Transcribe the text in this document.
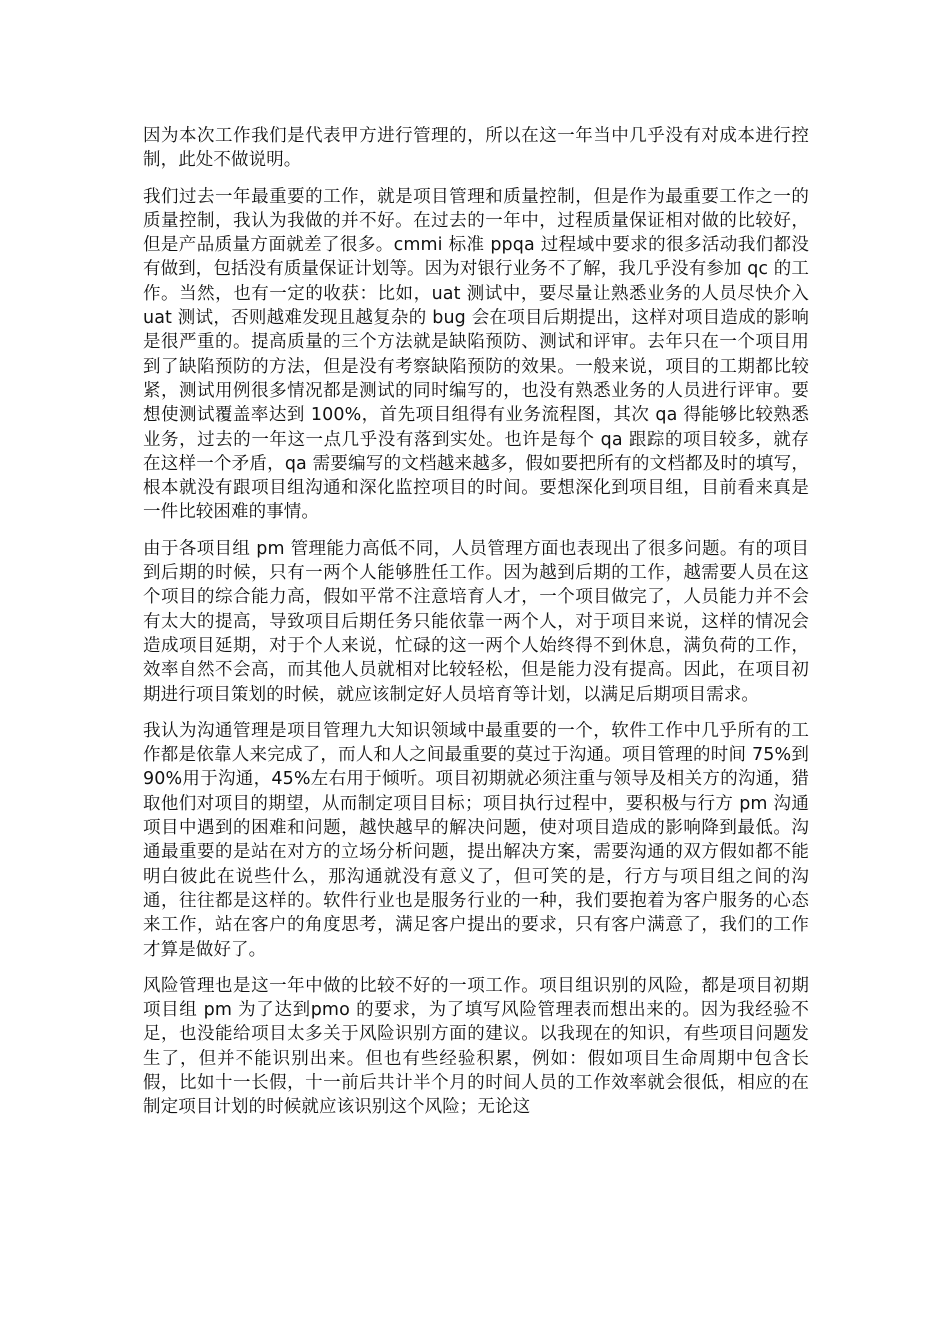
因为本次工作我们是代表甲方进行管理的，所以在这一年当中几乎没有对成本进行控制，此处不做说明。

我们过去一年最重要的工作，就是项目管理和质量控制，但是作为最重要工作之一的质量控制，我认为我做的并不好。在过去的一年中，过程质量保证相对做的比较好，但是产品质量方面就差了很多。cmmi 标准 ppqa 过程域中要求的很多活动我们都没有做到，包括没有质量保证计划等。因为对银行业务不了解，我几乎没有参加 qc 的工作。当然，也有一定的收获：比如，uat 测试中，要尽量让熟悉业务的人员尽快介入 uat 测试，否则越难发现且越复杂的 bug 会在项目后期提出，这样对项目造成的影响是很严重的。提高质量的三个方法就是缺陷预防、测试和评审。去年只在一个项目用到了缺陷预防的方法，但是没有考察缺陷预防的效果。一般来说，项目的工期都比较紧，测试用例很多情况都是测试的同时编写的，也没有熟悉业务的人员进行评审。要想使测试覆盖率达到 100%，首先项目组得有业务流程图，其次 qa 得能够比较熟悉业务，过去的一年这一点几乎没有落到实处。也许是每个 qa 跟踪的项目较多，就存在这样一个矛盾，qa 需要编写的文档越来越多，假如要把所有的文档都及时的填写，根本就没有跟项目组沟通和深化监控项目的时间。要想深化到项目组，目前看来真是一件比较困难的事情。

由于各项目组 pm 管理能力高低不同，人员管理方面也表现出了很多问题。有的项目到后期的时候，只有一两个人能够胜任工作。因为越到后期的工作，越需要人员在这个项目的综合能力高，假如平常不注意培育人才，一个项目做完了，人员能力并不会有太大的提高，导致项目后期任务只能依靠一两个人，对于项目来说，这样的情况会造成项目延期，对于个人来说，忙碌的这一两个人始终得不到休息，满负荷的工作，效率自然不会高，而其他人员就相对比较轻松，但是能力没有提高。因此，在项目初期进行项目策划的时候，就应该制定好人员培育等计划，以满足后期项目需求。

我认为沟通管理是项目管理九大知识领域中最重要的一个，软件工作中几乎所有的工作都是依靠人来完成了，而人和人之间最重要的莫过于沟通。项目管理的时间 75%到 90%用于沟通，45%左右用于倾听。项目初期就必须注重与领导及相关方的沟通，猎取他们对项目的期望，从而制定项目目标；项目执行过程中，要积极与行方 pm 沟通项目中遇到的困难和问题，越快越早的解决问题，使对项目造成的影响降到最低。沟通最重要的是站在对方的立场分析问题，提出解决方案，需要沟通的双方假如都不能明白彼此在说些什么，那沟通就没有意义了，但可笑的是，行方与项目组之间的沟通，往往都是这样的。软件行业也是服务行业的一种，我们要抱着为客户服务的心态来工作，站在客户的角度思考，满足客户提出的要求，只有客户满意了，我们的工作才算是做好了。

风险管理也是这一年中做的比较不好的一项工作。项目组识别的风险，都是项目初期项目组 pm 为了达到pmo 的要求，为了填写风险管理表而想出来的。因为我经验不足，也没能给项目太多关于风险识别方面的建议。以我现在的知识，有些项目问题发生了，但并不能识别出来。但也有些经验积累，例如：假如项目生命周期中包含长假，比如十一长假，十一前后共计半个月的时间人员的工作效率就会很低，相应的在制定项目计划的时候就应该识别这个风险；无论这
